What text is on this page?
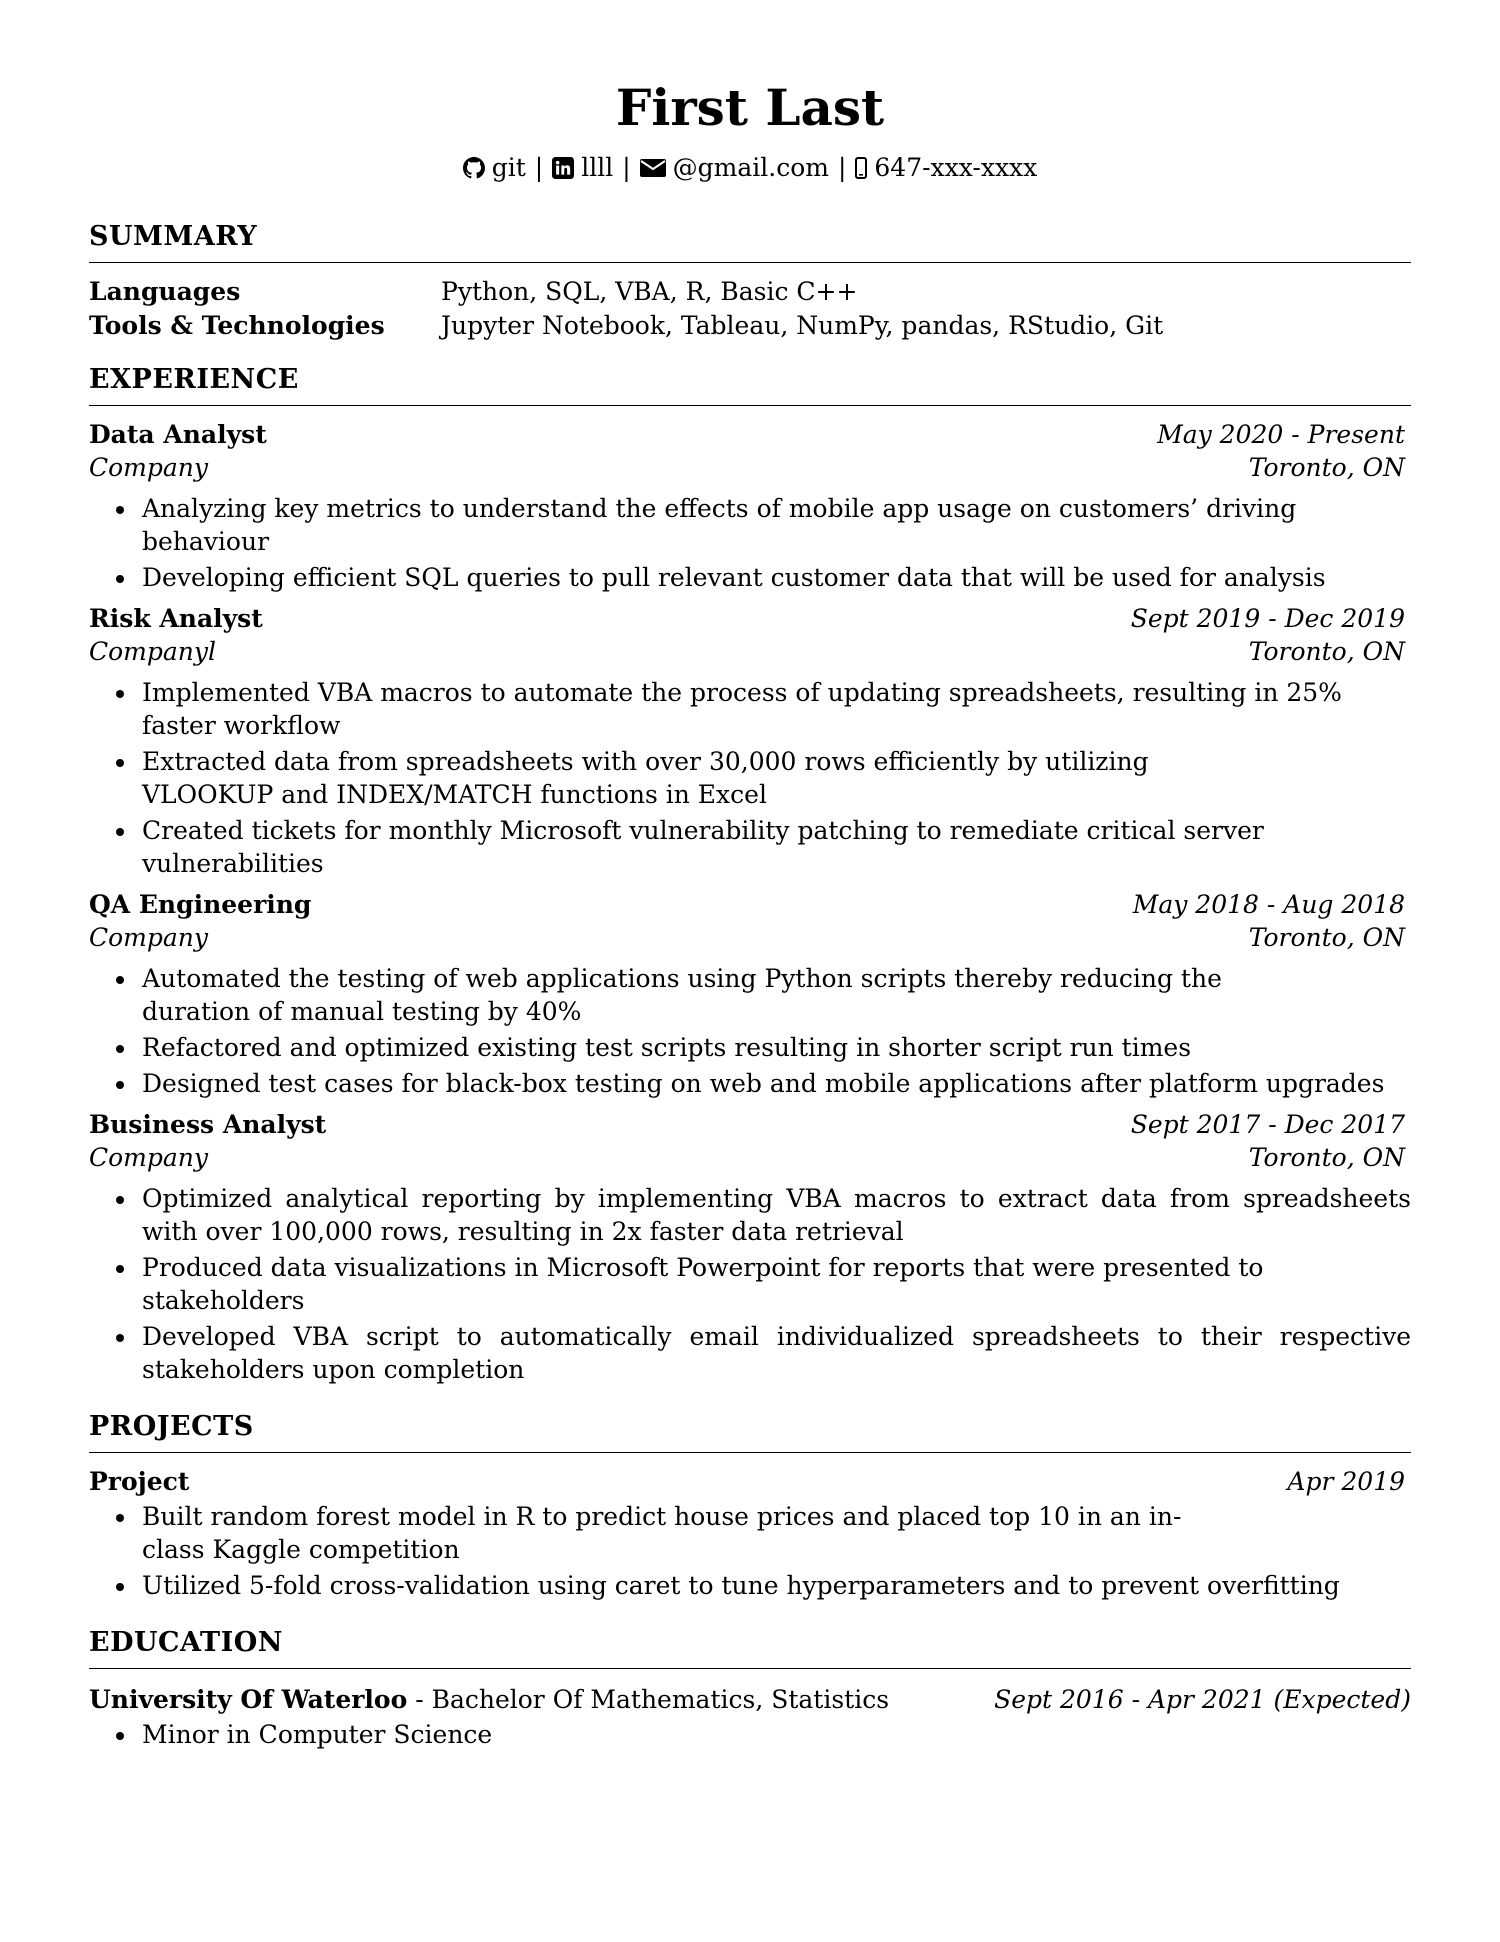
First Last
git | llll | @gmail.com | 647-xxx-xxxx
SUMMARY
Languages	Python, SQL, VBA, R, Basic C++
Tools & Technologies	Jupyter Notebook, Tableau, NumPy, pandas, RStudio, Git
EXPERIENCE
Data Analyst	May 2020 - Present
Company	Toronto, ON
Analyzing key metrics to understand the effects of mobile app usage on customers’ driving behaviour
Developing efficient SQL queries to pull relevant customer data that will be used for analysis
Risk Analyst	Sept 2019 - Dec 2019
Companyl	Toronto, ON
Implemented VBA macros to automate the process of updating spreadsheets, resulting in 25% faster workflow
Extracted data from spreadsheets with over 30,000 rows efficiently by utilizing VLOOKUP and INDEX/MATCH functions in Excel
Created tickets for monthly Microsoft vulnerability patching to remediate critical server vulnerabilities
QA Engineering	May 2018 - Aug 2018
Company	Toronto, ON
Automated the testing of web applications using Python scripts thereby reducing the duration of manual testing by 40%
Refactored and optimized existing test scripts resulting in shorter script run times
Designed test cases for black-box testing on web and mobile applications after platform upgrades
Business Analyst	Sept 2017 - Dec 2017
Company	Toronto, ON
Optimized analytical reporting by implementing VBA macros to extract data from spreadsheets with over 100,000 rows, resulting in 2x faster data retrieval
Produced data visualizations in Microsoft Powerpoint for reports that were presented to stakeholders
Developed VBA script to automatically email individualized spreadsheets to their respective stakeholders upon completion
PROJECTS
Project	Apr 2019
Built random forest model in R to predict house prices and placed top 10 in an in-class Kaggle competition
Utilized 5-fold cross-validation using caret to tune hyperparameters and to prevent overfitting
EDUCATION
University Of Waterloo - Bachelor Of Mathematics, Statistics	Sept 2016 - Apr 2021 (Expected)
Minor in Computer Science
